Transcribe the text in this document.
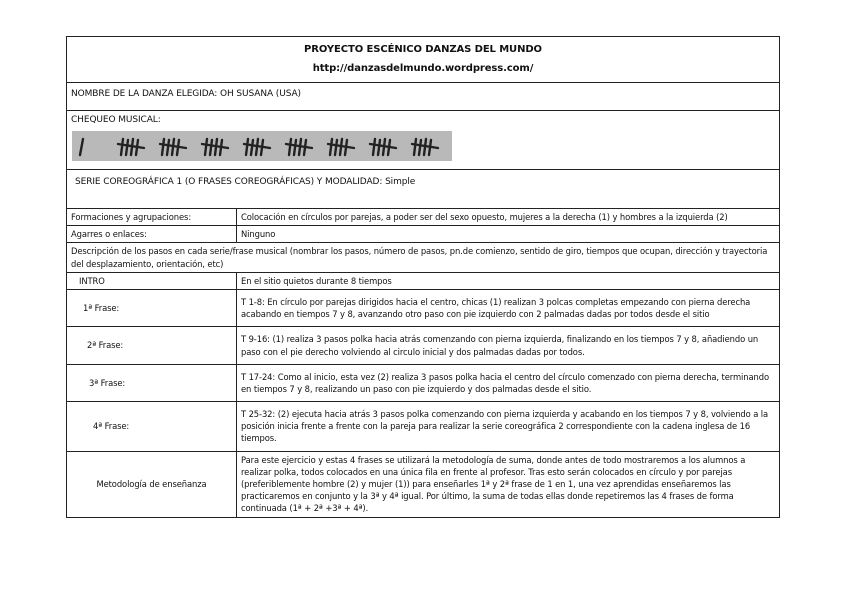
PROYECTO ESCÉNICO DANZAS DEL MUNDO
http://danzasdelmundo.wordpress.com/	

NOMBRE DE LA DANZA ELEGIDA: OH SUSANA (USA)	

CHEQUEO MUSICAL:	

SERIE COREOGRÁFICA 1 (O FRASES COREOGRÁFICAS) Y MODALIDAD: Simple	
Formaciones y agrupaciones:	Colocación en círculos por parejas, a poder ser del sexo opuesto, mujeres a la derecha (1) y hombres a la izquierda (2)
Agarres o enlaces:	Ninguno
Descripción de los pasos en cada serie/frase musical (nombrar los pasos, número de pasos, pn.de comienzo, sentido de giro, tiempos que ocupan, dirección y trayectoria del desplazamiento, orientación, etc)	
INTRO	En el sitio quietos durante 8 tiempos
1ª Frase:	T 1-8: En círculo por parejas dirigidos hacia el centro, chicas (1) realizan 3 polcas completas empezando con pierna derecha acabando en tiempos 7 y 8, avanzando otro paso con pie izquierdo con 2 palmadas dadas por todos desde el sitio
2ª Frase:	T 9-16: (1) realiza 3 pasos polka hacia atrás comenzando con pierna izquierda, finalizando en los tiempos 7 y 8, añadiendo un paso con el pie derecho volviendo al circulo inicial y dos palmadas dadas por todos.
3ª Frase:	T 17-24: Como al inicio, esta vez (2) realiza 3 pasos polka hacia el centro del círculo comenzado con pierna derecha, terminando en tiempos 7 y 8, realizando un paso con pie izquierdo y dos palmadas desde el sitio.
4ª Frase:	T 25-32: (2) ejecuta hacia atrás 3 pasos polka comenzando con pierna izquierda y acabando en los tiempos 7 y 8, volviendo a la posición inicia frente a frente con la pareja para realizar la serie coreográfica 2 correspondiente con la cadena inglesa de 16 tiempos.
Metodología de enseñanza	Para este ejercicio y estas 4 frases se utilizará la metodología de suma, donde antes de todo mostraremos a los alumnos a realizar polka, todos colocados en una única fila en frente al profesor. Tras esto serán colocados en círculo y por parejas (preferiblemente hombre (2) y mujer (1)) para enseñarles 1ª y 2ª frase de 1 en 1, una vez aprendidas enseñaremos las practicaremos en conjunto y la 3ª y 4ª igual. Por último, la suma de todas ellas donde repetiremos las 4 frases de forma continuada (1ª + 2ª +3ª + 4ª).
